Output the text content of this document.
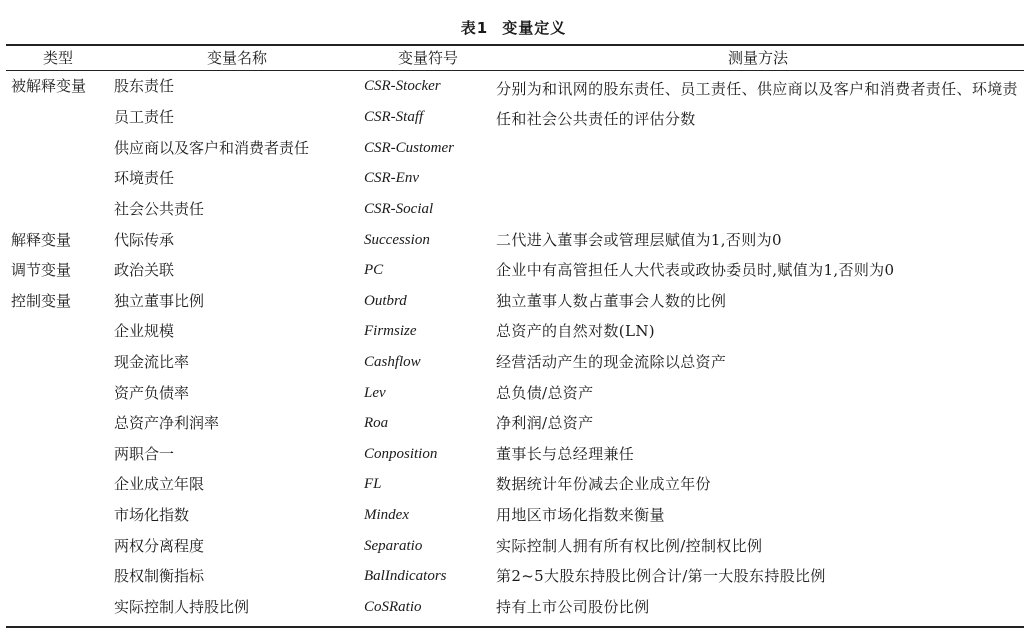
表1 变量定义
类型	变量名称	变量符号	测量方法
被解释变量	股东责任	CSR-Stocker	分别为和讯网的股东责任、员工责任、供应商以及客户和消费者责任、环境责任和社会公共责任的评估分数
	员工责任	CSR-Staff	
	供应商以及客户和消费者责任	CSR-Customer	
	环境责任	CSR-Env	
	社会公共责任	CSR-Social	
解释变量	代际传承	Succession	二代进入董事会或管理层赋值为1,否则为0
调节变量	政治关联	PC	企业中有高管担任人大代表或政协委员时,赋值为1,否则为0
控制变量	独立董事比例	Outbrd	独立董事人数占董事会人数的比例
	企业规模	Firmsize	总资产的自然对数(LN)
	现金流比率	Cashflow	经营活动产生的现金流除以总资产
	资产负债率	Lev	总负债/总资产
	总资产净利润率	Roa	净利润/总资产
	两职合一	Conposition	董事长与总经理兼任
	企业成立年限	FL	数据统计年份减去企业成立年份
	市场化指数	Mindex	用地区市场化指数来衡量
	两权分离程度	Separatio	实际控制人拥有所有权比例/控制权比例
	股权制衡指标	BalIndicators	第2~5大股东持股比例合计/第一大股东持股比例
	实际控制人持股比例	CoSRatio	持有上市公司股份比例
